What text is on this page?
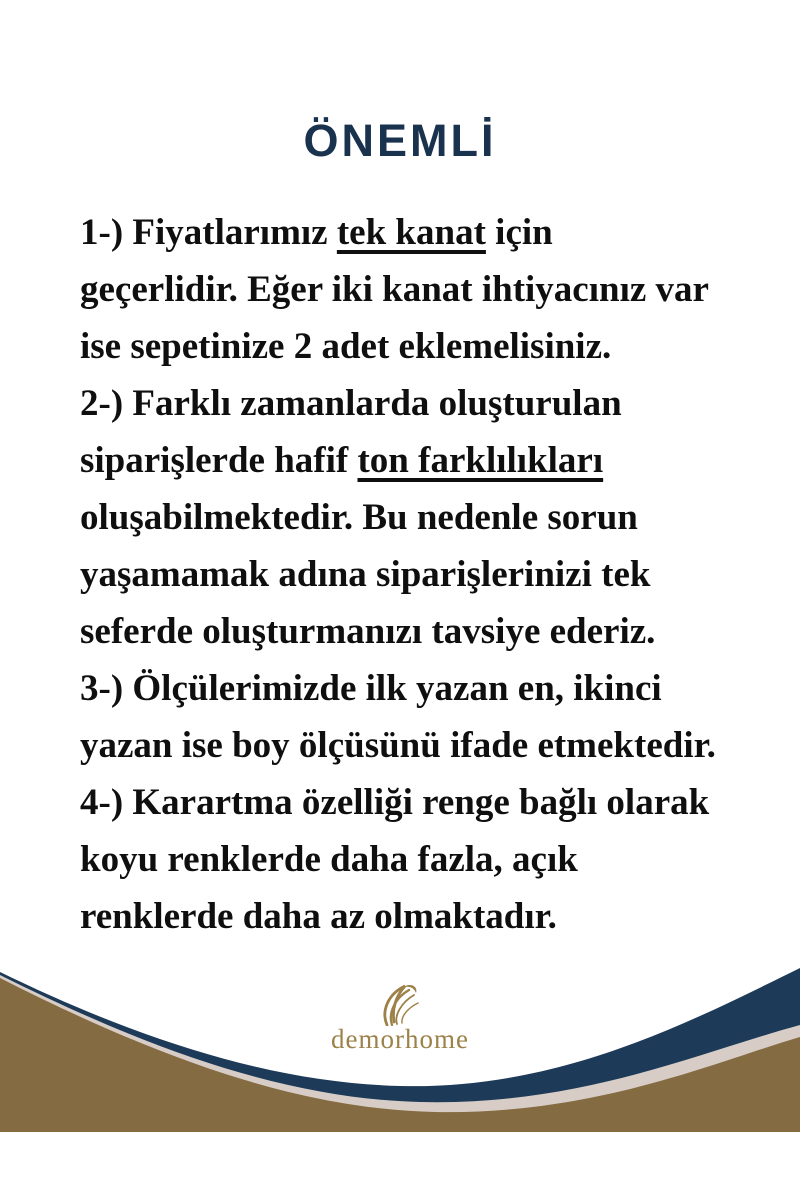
ÖNEMLİ
1-) Fiyatlarımız tek kanat için
geçerlidir. Eğer iki kanat ihtiyacınız var
ise sepetinize 2 adet eklemelisiniz.
2-) Farklı zamanlarda oluşturulan
siparişlerde hafif ton farklılıkları
oluşabilmektedir. Bu nedenle sorun
yaşamamak adına siparişlerinizi tek
seferde oluşturmanızı tavsiye ederiz.
3-) Ölçülerimizde ilk yazan en, ikinci
yazan ise boy ölçüsünü ifade etmektedir.
4-) Karartma özelliği renge bağlı olarak
koyu renklerde daha fazla, açık
renklerde daha az olmaktadır.
demorhome
